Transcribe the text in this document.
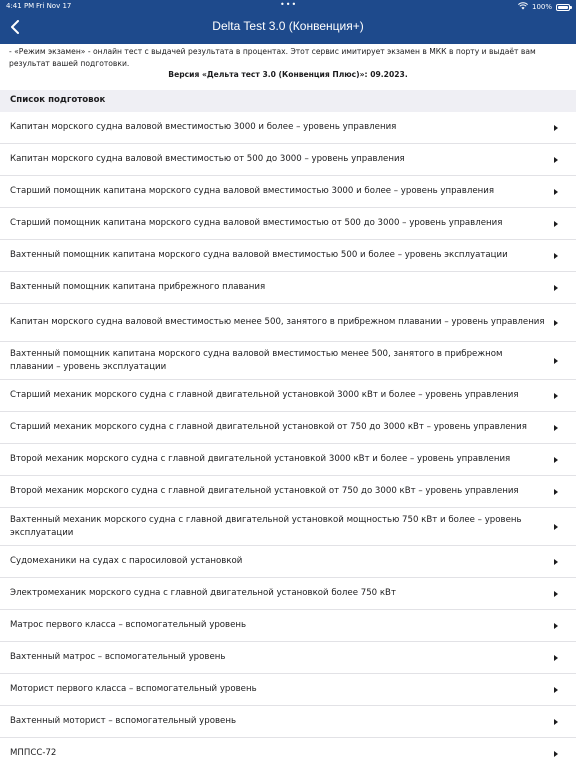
4:41 PM Fri Nov 17	•••	100%
Delta Test 3.0 (Конвенция+)
- «Режим экзамен» - онлайн тест с выдачей результата в процентах. Этот сервис имитирует экзамен в МКК в порту и выдаёт вам результат вашей подготовки.
Версия «Дельта тест 3.0 (Конвенция Плюс)»: 09.2023.
Список подготовок
Капитан морского судна валовой вместимостью 3000 и более – уровень управления
Капитан морского судна валовой вместимостью от 500 до 3000 – уровень управления
Старший помощник капитана морского судна валовой вместимостью 3000 и более – уровень управления
Старший помощник капитана морского судна валовой вместимостью от 500 до 3000 – уровень управления
Вахтенный помощник капитана морского судна валовой вместимостью 500 и более – уровень эксплуатации
Вахтенный помощник капитана прибрежного плавания
Капитан морского судна валовой вместимостью менее 500, занятого в прибрежном плавании – уровень управления
Вахтенный помощник капитана морского судна валовой вместимостью менее 500, занятого в прибрежном плавании – уровень эксплуатации
Старший механик морского судна с главной двигательной установкой 3000 кВт и более – уровень управления
Старший механик морского судна с главной двигательной установкой от 750 до 3000 кВт – уровень управления
Второй механик морского судна с главной двигательной установкой 3000 кВт и более – уровень управления
Второй механик морского судна с главной двигательной установкой от 750 до 3000 кВт – уровень управления
Вахтенный механик морского судна с главной двигательной установкой мощностью 750 кВт и более – уровень эксплуатации
Судомеханики на судах с паросиловой установкой
Электромеханик морского судна с главной двигательной установкой более 750 кВт
Матрос первого класса – вспомогательный уровень
Вахтенный матрос – вспомогательный уровень
Моторист первого класса – вспомогательный уровень
Вахтенный моторист – вспомогательный уровень
МППСС-72
